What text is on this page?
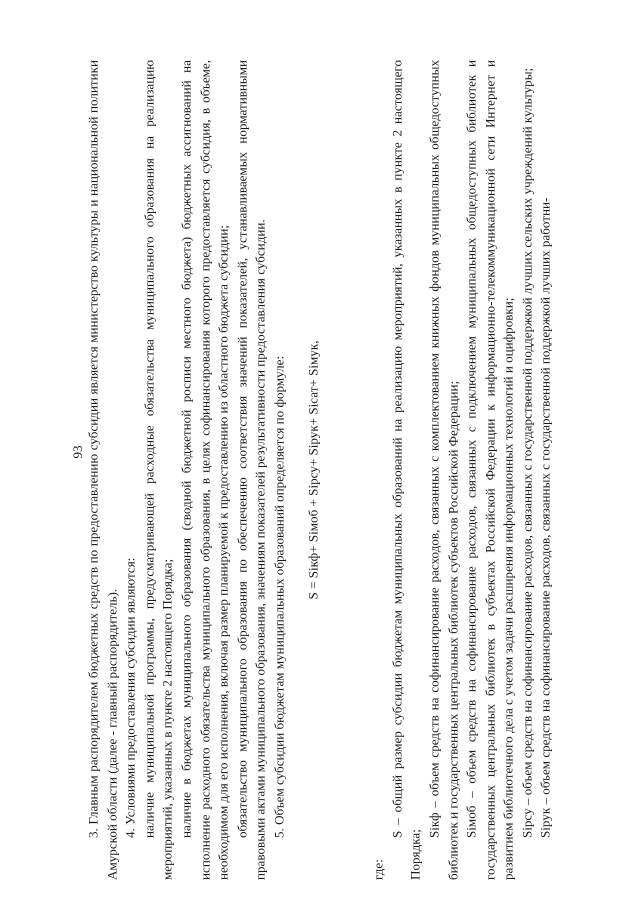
93 3. Главным распорядителем бюджетных средств по предоставлению субсидии является министерство культуры и национальной политики Амурской области (далее - главный распорядитель). 4. Условиями предоставления субсидии являются: наличие муниципальной программы, предусматривающей расходные обязательства муниципального образования на реализацию мероприятий, указанных в пункте 2 настоящего Порядка; наличие в бюджетах муниципального образования (сводной бюджетной росписи местного бюджета) бюджетных ассигнований на исполнение расходного обязательства муниципального образования, в целях софинансирования которого предоставляется субсидия, в объеме, необходимом для его исполнения, включая размер планируемой к предоставлению из областного бюджета субсидии; обязательство муниципального образования по обеспечению соответствия значений показателей, устанавливаемых нормативными правовыми актами муниципального образования, значениям показателей результативности предоставления субсидии. 5. Объем субсидии бюджетам муниципальных образований определяется по формуле: S = Sікф+ Sімоб + Sірсу+ Sірук+ Sісат+ Sімук,

где:

S – общий размер субсидии бюджетам муниципальных образований на реализацию мероприятий, указанных в пункте 2 настоящего Порядка;

Sікф – объем средств на софинансирование расходов, связанных с комплектованием книжных фондов муниципальных общедоступных библиотек и государственных центральных библиотек субъектов Российской Федерации; Sімоб – объем средств на софинансирование расходов, связанных с подключением муниципальных общедоступных библиотек и государственных центральных библиотек в субъектах Российской Федерации к информационно-телекоммуникационной сети Интернет и развитием библиотечного дела с учетом задачи расширения информационных технологий и оцифровки; Sірсу – объем средств на софинансирование расходов, связанных с государственной поддержкой лучших сельских учреждений культуры; Sірук – объем средств на софинансирование расходов, связанных с государственной поддержкой лучших работни-
